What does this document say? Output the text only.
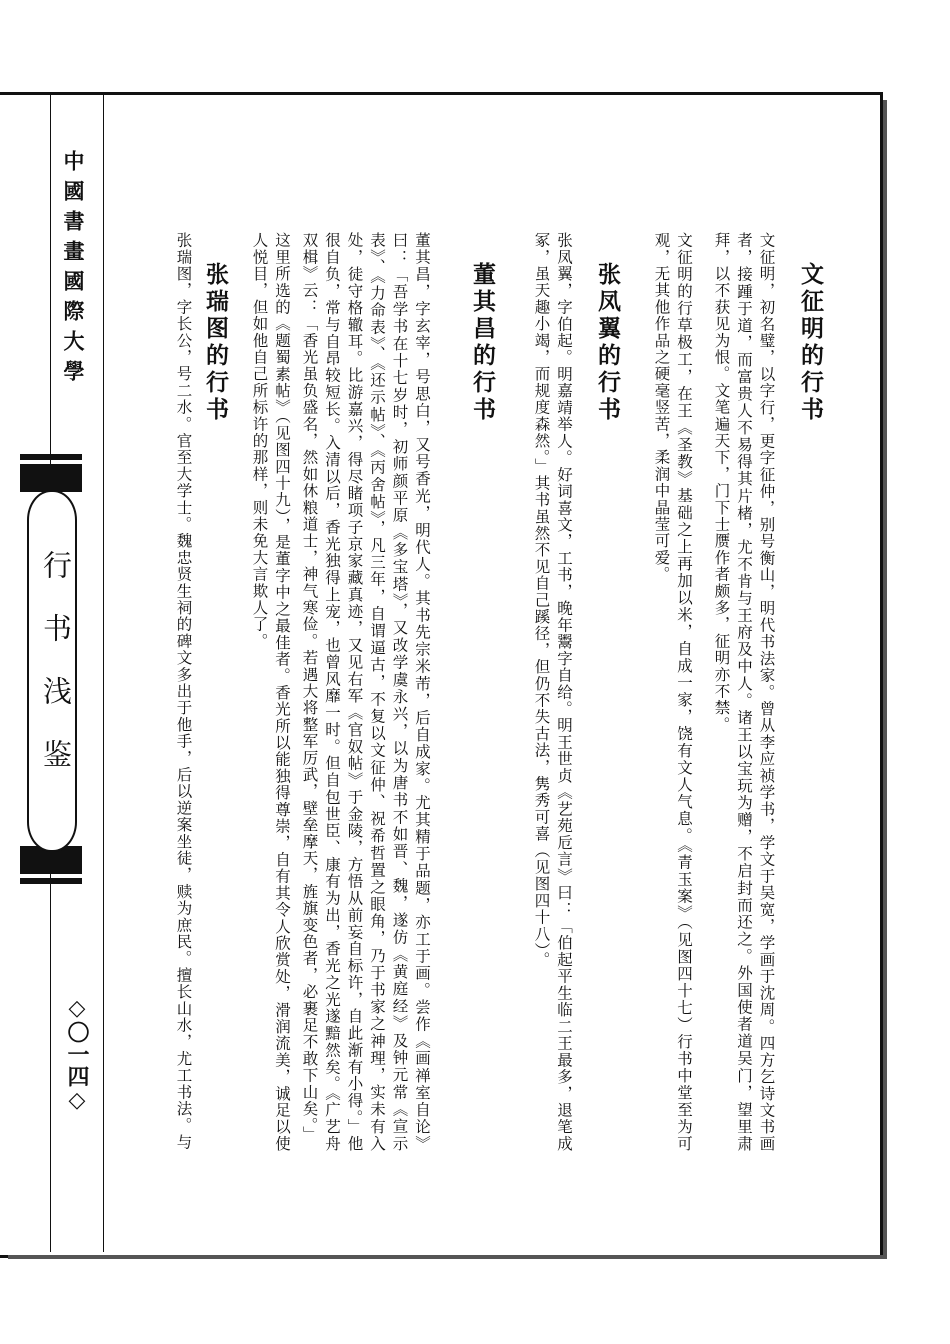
中國書畫國際大學
行书浅鉴
◇〇一四◇
文征明的行书
文征明，初名璧，以字行，更字征仲，别号衡山，明代书法家。曾从李应祯学书，学文于吴宽，学画于沈周。四方乞诗文书画者，接踵于道，而富贵人不易得其片楮，尤不肯与王府及中人。诸王以宝玩为赠，不启封而还之。外国使者道吴门，望里肃拜，以不获见为恨。文笔遍天下，门下士赝作者颇多，征明亦不禁。
文征明的行草极工，在王《圣教》基础之上再加以米，自成一家，饶有文人气息。《青玉案》（见图四十七）行书中堂至为可观，无其他作品之硬毫竖苦，柔润中晶莹可爱。
张凤翼的行书
张凤翼，字伯起。明嘉靖举人。好词喜文，工书，晚年鬻字自给。明王世贞《艺苑卮言》曰：「伯起平生临二王最多，退笔成冢，虽天趣小竭，而规度森然。」其书虽然不见自己蹊径，但仍不失古法，隽秀可喜（见图四十八）。
董其昌的行书
董其昌，字玄宰，号思白，又号香光，明代人。其书先宗米芾，后自成家。尤其精于品题，亦工于画。尝作《画禅室自论》曰：「吾学书在十七岁时，初师颜平原《多宝塔》，又改学虞永兴，以为唐书不如晋、魏，遂仿《黄庭经》及钟元常《宣示表》、《力命表》、《还示帖》、《丙舍帖》，凡三年，自谓逼古，不复以文征仲、祝希哲置之眼角，乃于书家之神理，实未有入处，徒守格辙耳。比游嘉兴，得尽睹项子京家藏真迹，又见右军《官奴帖》于金陵，方悟从前妄自标许，自此渐有小得。」他很自负，常与自昂较短长。入清以后，香光独得上宠，也曾风靡一时。但自包世臣、康有为出，香光之光遂黯然矣。《广艺舟双楫》云：「香光虽负盛名，然如休粮道士，神气寒俭。若遇大将整军厉武，壁垒摩天，旌旗变色者，必裹足不敢下山矣。」
这里所选的《题蜀素帖》（见图四十九），是董字中之最佳者。香光所以能独得尊崇，自有其令人欣赏处，滑润流美，诚足以使人悦目，但如他自己所标许的那样，则未免大言欺人了。
张瑞图的行书
张瑞图，字长公，号二水。官至大学士。魏忠贤生祠的碑文多出于他手，后以逆案坐徒，赎为庶民。擅长山水，尤工书法。与
